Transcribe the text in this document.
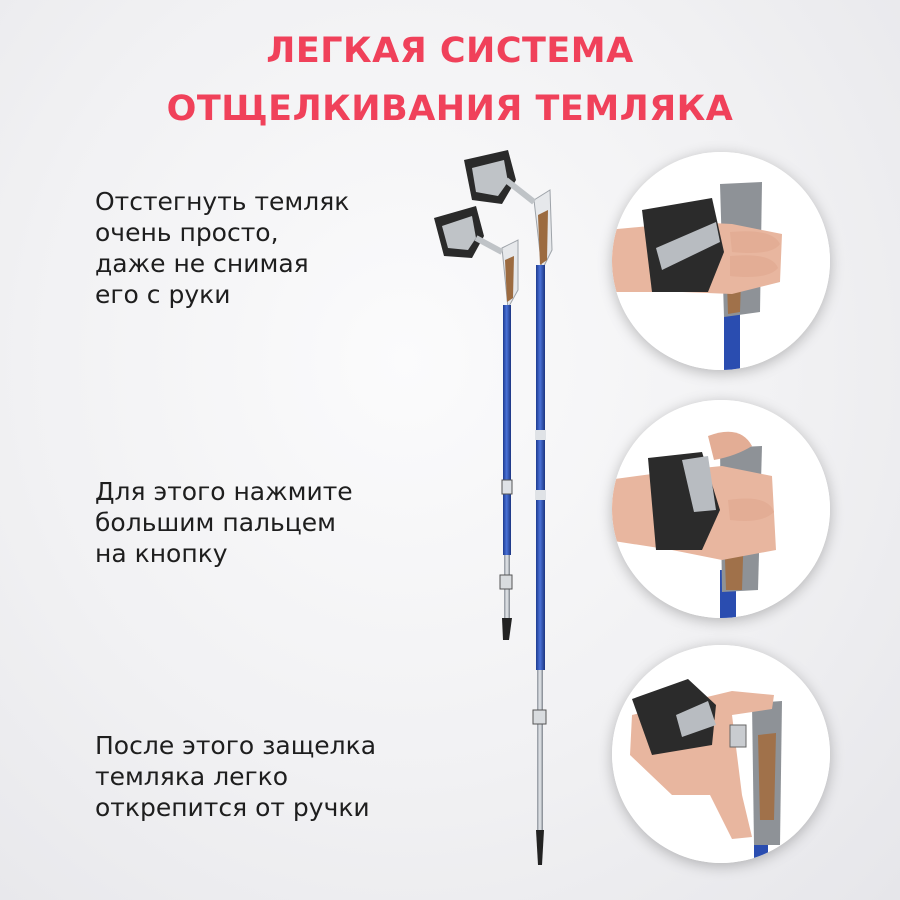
ЛЕГКАЯ СИСТЕМА
ОТЩЕЛКИВАНИЯ ТЕМЛЯКА
Отстегнуть темляк
очень просто,
даже не снимая
его с руки
Для этого нажмите
большим пальцем
на кнопку
После этого защелка
темляка легко
открепится от ручки
